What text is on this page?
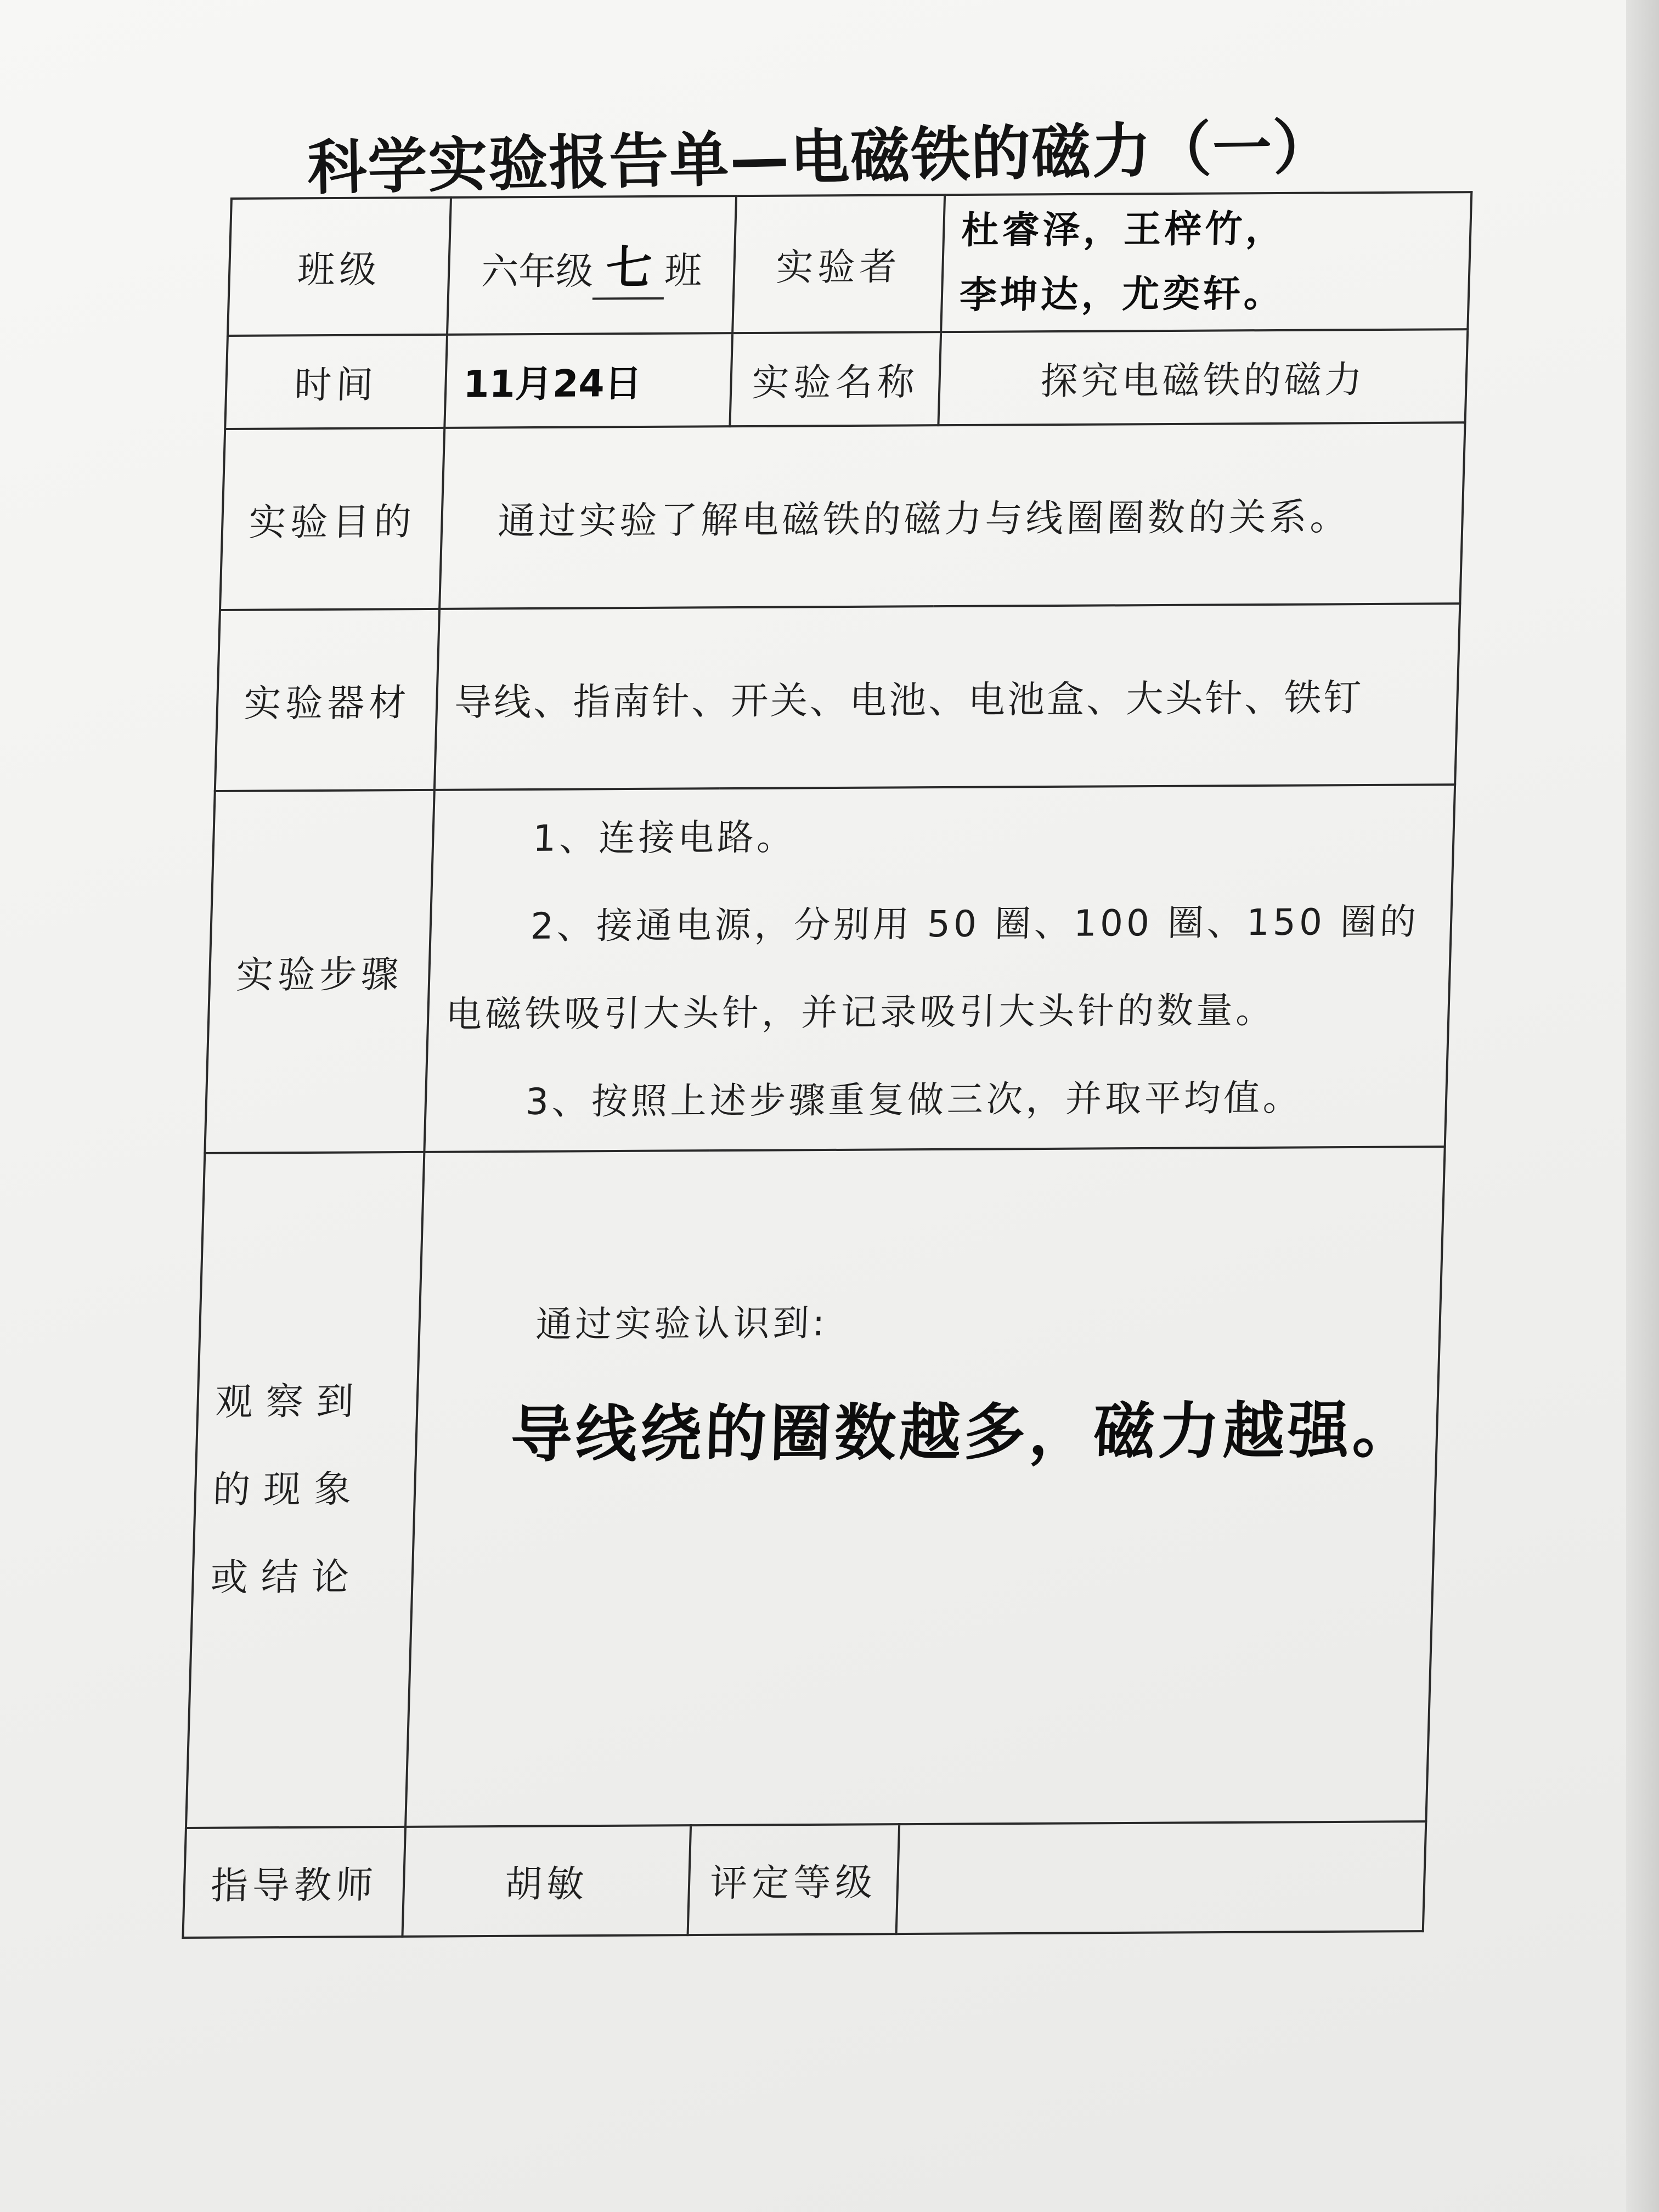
科学实验报告单—电磁铁的磁力（一）
班级	六年级 七 班	实验者	杜睿泽，王梓竹，
李坤达，尤奕轩。

时间	11月24日	实验名称	探究电磁铁的磁力
实验目的	通过实验了解电磁铁的磁力与线圈圈数的关系。		
实验器材	导线、指南针、开关、电池、电池盒、大头针、铁钉		
实验步骤	1、连接电路。

2、接通电源，分别用 50 圈、100 圈、150 圈的

电磁铁吸引大头针，并记录吸引大头针的数量。

3、按照上述步骤重复做三次，并取平均值。		

观察到的现象或结论	通过实验认识到:

导线绕的圈数越多，磁力越强。		

指导教师	胡敏	评定等级	
